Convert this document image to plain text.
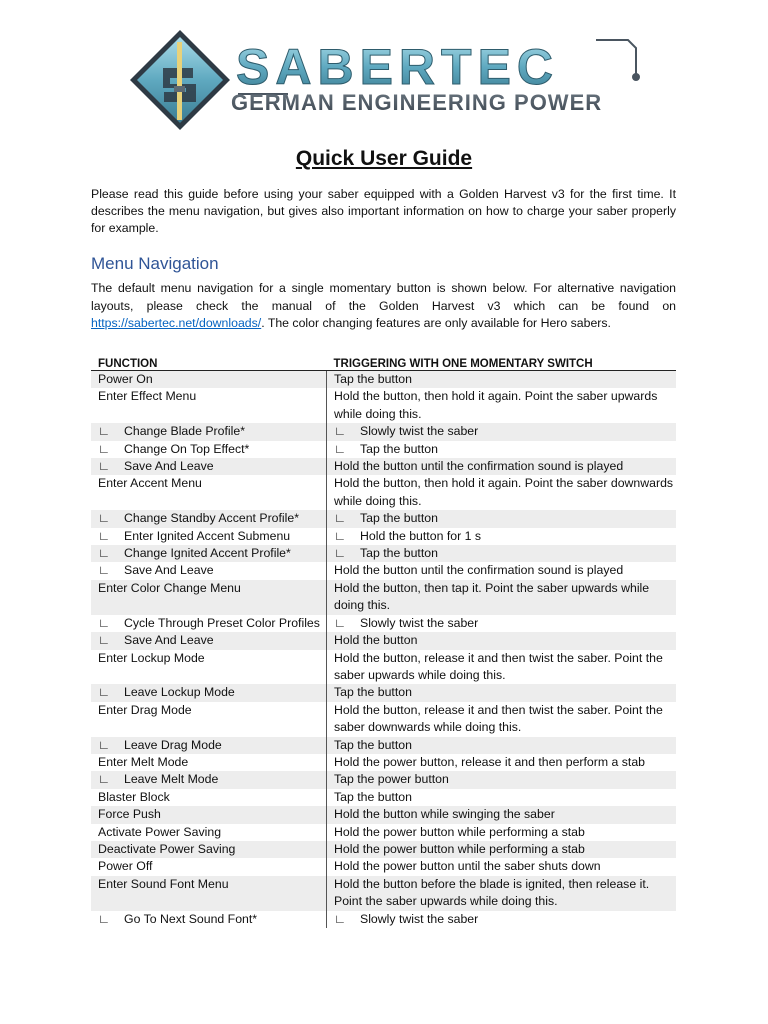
SABERTEC
GERMAN ENGINEERING POWER
Quick User Guide
Please read this guide before using your saber equipped with a Golden Harvest v3 for the first time. It describes the menu navigation, but gives also important information on how to charge your saber properly for example.
Menu Navigation
The default menu navigation for a single momentary button is shown below. For alternative navigation layouts, please check the manual of the Golden Harvest v3 which can be found on https://sabertec.net/downloads/. The color changing features are only available for Hero sabers.
FUNCTION	TRIGGERING WITH ONE MOMENTARY SWITCH
Power On	Tap the button
Enter Effect Menu	Hold the button, then hold it again. Point the saber upwards while doing this.

∟ Change Blade Profile*	∟ Slowly twist the saber

∟ Change On Top Effect*	∟ Tap the button

∟ Save And Leave	Hold the button until the confirmation sound is played
Enter Accent Menu	Hold the button, then hold it again. Point the saber downwards while doing this.

∟ Change Standby Accent Profile*	∟ Tap the button

∟ Enter Ignited Accent Submenu	∟ Hold the button for 1 s

∟ Change Ignited Accent Profile*	∟ Tap the button

∟ Save And Leave	Hold the button until the confirmation sound is played
Enter Color Change Menu	Hold the button, then tap it. Point the saber upwards while doing this.

∟ Cycle Through Preset Color Profiles	∟ Slowly twist the saber

∟ Save And Leave	Hold the button
Enter Lockup Mode	Hold the button, release it and then twist the saber. Point the saber upwards while doing this.

∟ Leave Lockup Mode	Tap the button
Enter Drag Mode	Hold the button, release it and then twist the saber. Point the saber downwards while doing this.

∟ Leave Drag Mode	Tap the button
Enter Melt Mode	Hold the power button, release it and then perform a stab

∟ Leave Melt Mode	Tap the power button
Blaster Block	Tap the button
Force Push	Hold the button while swinging the saber
Activate Power Saving	Hold the power button while performing a stab
Deactivate Power Saving	Hold the power button while performing a stab
Power Off	Hold the power button until the saber shuts down
Enter Sound Font Menu	Hold the button before the blade is ignited, then release it. Point the saber upwards while doing this.

∟ Go To Next Sound Font*	∟ Slowly twist the saber
